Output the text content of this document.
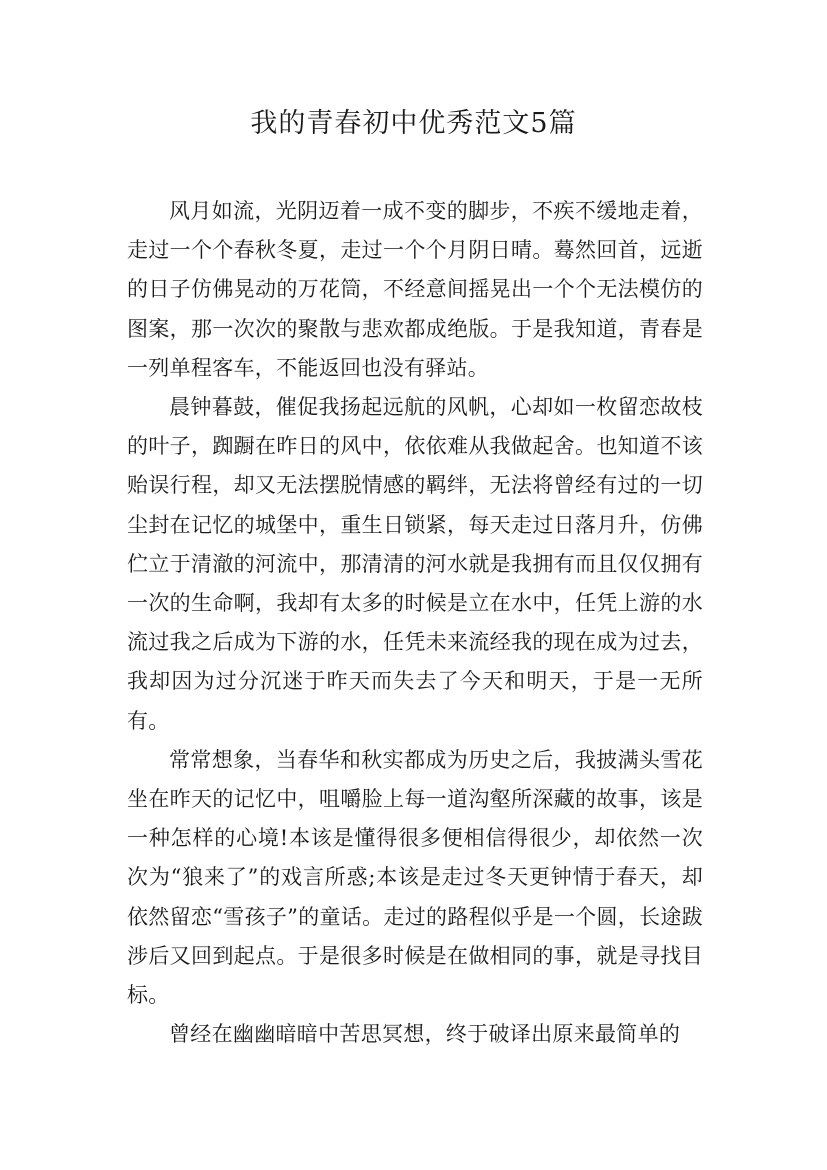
我的青春初中优秀范文5篇

风月如流，光阴迈着一成不变的脚步，不疾不缓地走着，走过一个个春秋冬夏，走过一个个月阴日晴。蓦然回首，远逝的日子仿佛晃动的万花筒，不经意间摇晃出一个个无法模仿的图案，那一次次的聚散与悲欢都成绝版。于是我知道，青春是一列单程客车，不能返回也没有驿站。

晨钟暮鼓，催促我扬起远航的风帆，心却如一枚留恋故枝的叶子，踟蹰在昨日的风中，依依难从我做起舍。也知道不该贻误行程，却又无法摆脱情感的羁绊，无法将曾经有过的一切尘封在记忆的城堡中，重生日锁紧，每天走过日落月升，仿佛伫立于清澈的河流中，那清清的河水就是我拥有而且仅仅拥有一次的生命啊，我却有太多的时候是立在水中，任凭上游的水流过我之后成为下游的水，任凭未来流经我的现在成为过去，我却因为过分沉迷于昨天而失去了今天和明天，于是一无所有。

常常想象，当春华和秋实都成为历史之后，我披满头雪花坐在昨天的记忆中，咀嚼脸上每一道沟壑所深藏的故事，该是一种怎样的心境!本该是懂得很多便相信得很少，却依然一次次为“狼来了”的戏言所惑;本该是走过冬天更钟情于春天，却依然留恋“雪孩子”的童话。走过的路程似乎是一个圆，长途跋涉后又回到起点。于是很多时候是在做相同的事，就是寻找目标。

曾经在幽幽暗暗中苦思冥想，终于破译出原来最简单的
